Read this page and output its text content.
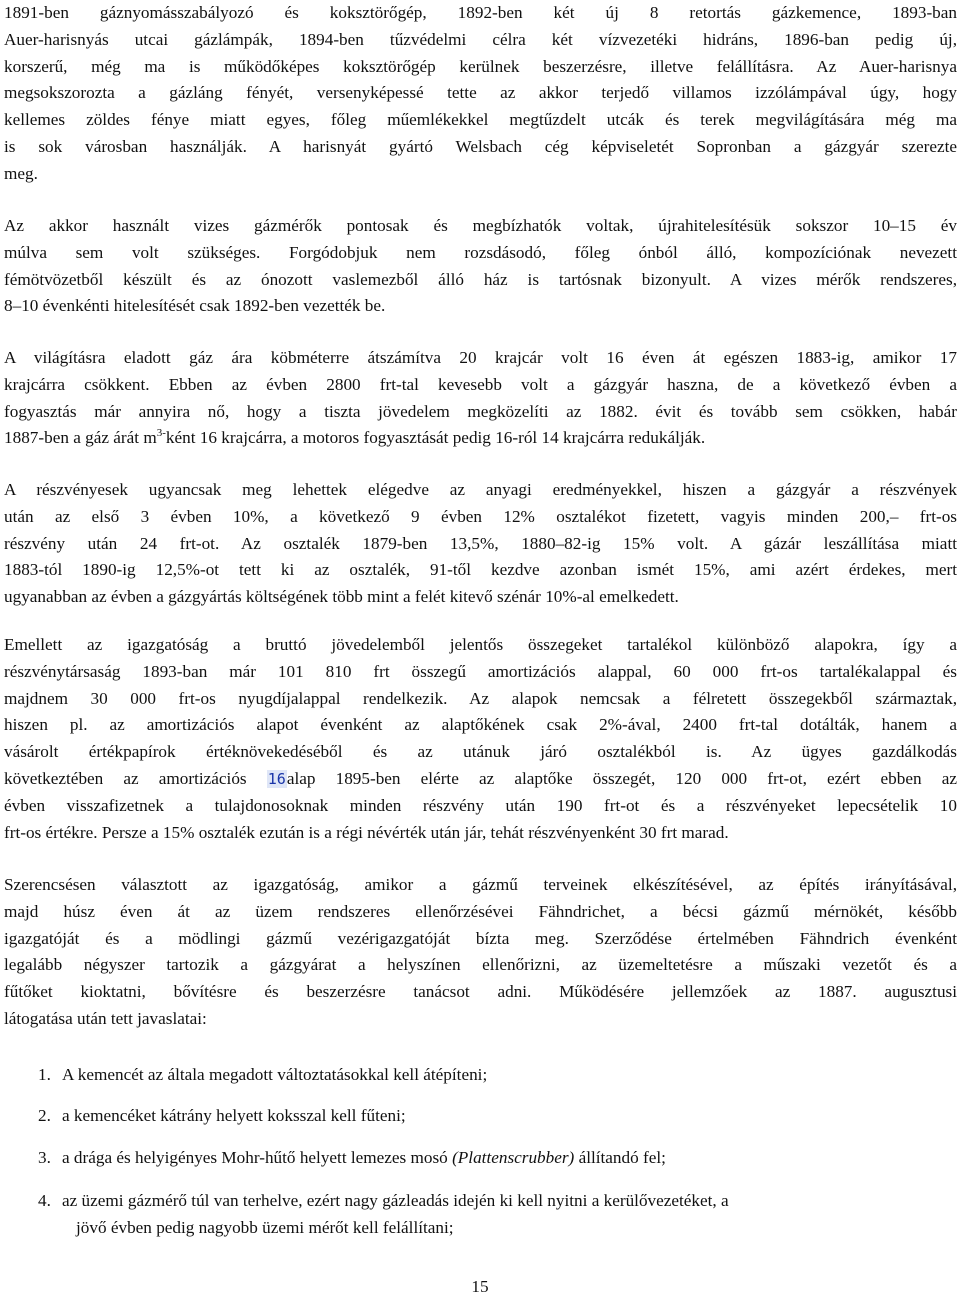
1891-ben gáznyomásszabályozó és koksztörőgép, 1892-ben két új 8 retortás gázkemence, 1893-ban
Auer-harisnyás utcai gázlámpák, 1894-ben tűzvédelmi célra két vízvezetéki hidráns, 1896-ban pedig új,
korszerű, még ma is működőképes koksztörőgép kerülnek beszerzésre, illetve felállításra. Az Auer-harisnya
megsokszorozta a gázláng fényét, versenyképessé tette az akkor terjedő villamos izzólámpával úgy, hogy
kellemes zöldes fénye miatt egyes, főleg műemlékekkel megtűzdelt utcák és terek megvilágítására még ma
is sok városban használják. A harisnyát gyártó Welsbach cég képviseletét Sopronban a gázgyár szerezte
meg.
Az akkor használt vizes gázmérők pontosak és megbízhatók voltak, újrahitelesítésük sokszor 10–15 év
múlva sem volt szükséges. Forgódobjuk nem rozsdásodó, főleg ónból álló, kompozíciónak nevezett
fémötvözetből készült és az ónozott vaslemezből álló ház is tartósnak bizonyult. A vizes mérők rendszeres,
8–10 évenkénti hitelesítését csak 1892-ben vezették be.
A világításra eladott gáz ára köbméterre átszámítva 20 krajcár volt 16 éven át egészen 1883-ig, amikor 17
krajcárra csökkent. Ebben az évben 2800 frt-tal kevesebb volt a gázgyár haszna, de a következő évben a
fogyasztás már annyira nő, hogy a tiszta jövedelem megközelíti az 1882. évit és tovább sem csökken, habár
1887-ben a gáz árát $m^{3-}ként$ 16 krajcárra, a motoros fogyasztását pedig 16-ról 14 krajcárra redukálják.
A részvényesek ugyancsak meg lehettek elégedve az anyagi eredményekkel, hiszen a gázgyár a részvények
után az első 3 évben 10%, a következő 9 évben 12% osztalékot fizetett, vagyis minden 200,– frt-os
részvény után 24 frt-ot. Az osztalék 1879-ben 13,5%, 1880–82-ig 15% volt. A gázár leszállítása miatt
1883-tól 1890-ig 12,5%-ot tett ki az osztalék, 91-től kezdve azonban ismét 15%, ami azért érdekes, mert
ugyanabban az évben a gázgyártás költségének több mint a felét kitevő szénár 10%-al emelkedett.
Emellett az igazgatóság a bruttó jövedelemből jelentős összegeket tartalékol különböző alapokra, így a
részvénytársaság 1893-ban már 101 810 frt összegű amortizációs alappal, 60 000 frt-os tartalékalappal és
majdnem 30 000 frt-os nyugdíjalappal rendelkezik. Az alapok nemcsak a félretett összegekből származtak,
hiszen pl. az amortizációs alapot évenként az alaptőkének csak 2%-ával, 2400 frt-tal dotálták, hanem a
vásárolt értékpapírok értéknövekedéséből és az utánuk járó osztalékból is. Az ügyes gazdálkodás
következtében az amortizációs 16alap 1895-ben elérte az alaptőke összegét, 120 000 frt-ot, ezért ebben az
évben visszafizetnek a tulajdonosoknak minden részvény után 190 frt-ot és a részvényeket lepecsételik 10
frt-os értékre. Persze a 15% osztalék ezután is a régi névérték után jár, tehát részvényenként 30 frt marad.
Szerencsésen választott az igazgatóság, amikor a gázmű terveinek elkészítésével, az építés irányításával,
majd húsz éven át az üzem rendszeres ellenőrzésévei Fähndrichet, a bécsi gázmű mérnökét, később
igazgatóját és a mödlingi gázmű vezérigazgatóját bízta meg. Szerződése értelmében Fähndrich évenként
legalább négyszer tartozik a gázgyárat a helyszínen ellenőrizni, az üzemeltetésre a műszaki vezetőt és a
fűtőket kioktatni, bővítésre és beszerzésre tanácsot adni. Működésére jellemzőek az 1887. augusztusi
látogatása után tett javaslatai:
1. A kemencét az általa megadott változtatásokkal kell átépíteni;
2. a kemencéket kátrány helyett koksszal kell fűteni;
3. a drága és helyigényes Mohr-hűtő helyett lemezes mosó (Plattenscrubber) állítandó fel;
4. az üzemi gázmérő túl van terhelve, ezért nagy gázleadás idején ki kell nyitni a kerülővezetéket, a
jövő évben pedig nagyobb üzemi mérőt kell felállítani;
15
